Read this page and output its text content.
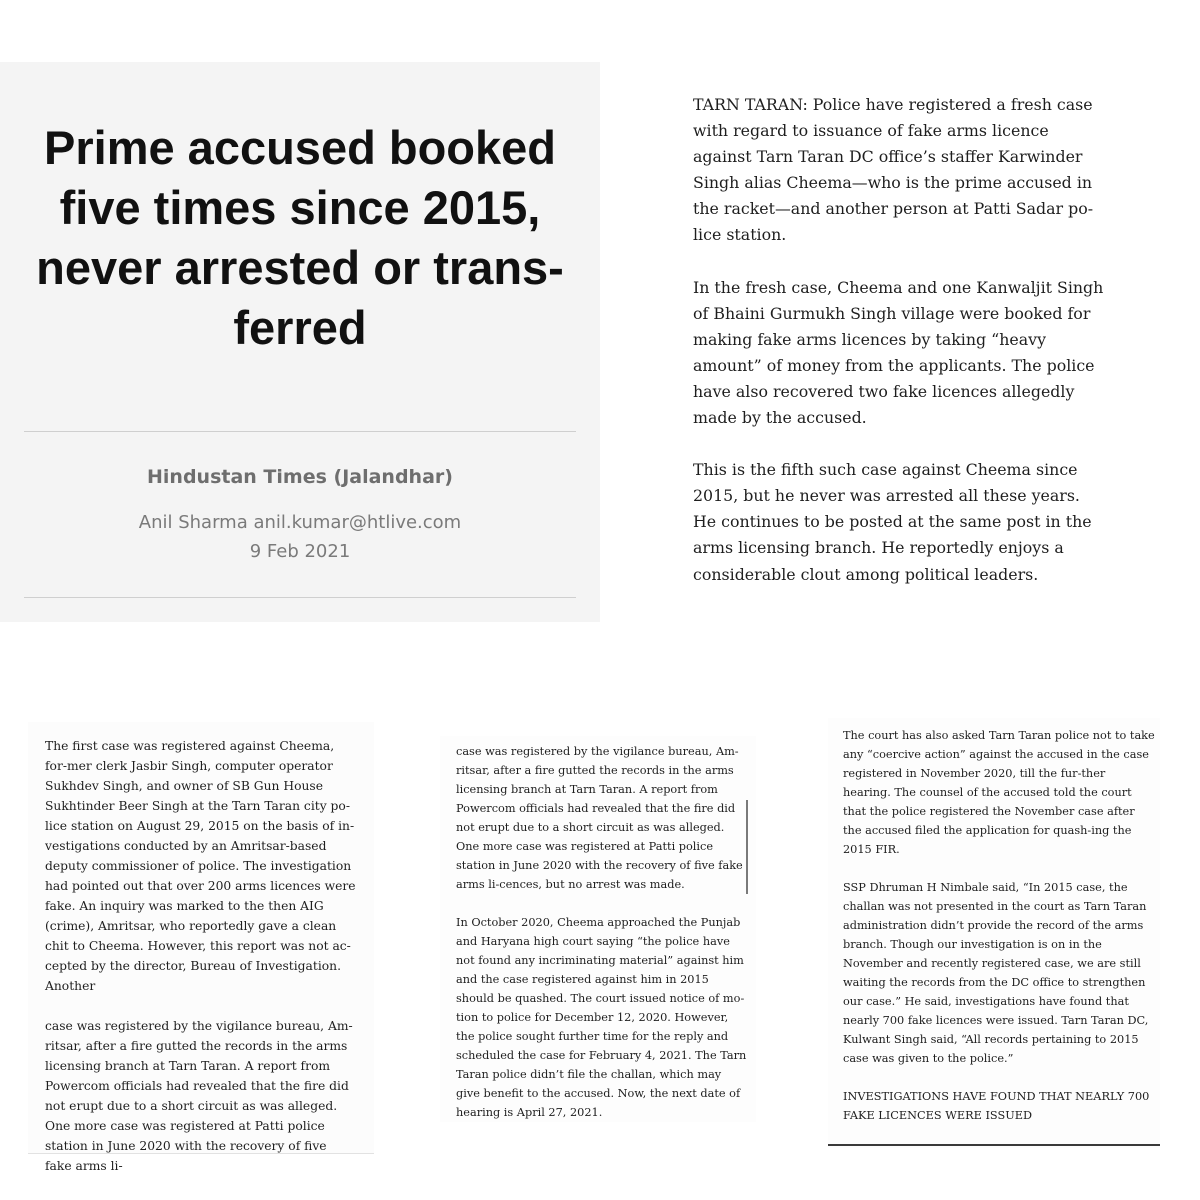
Prime accused booked five times since 2015, never arrested or trans-ferred
Hindustan Times (Jalandhar)
Anil Sharma anil.kumar@htlive.com
9 Feb 2021

TARN TARAN: Police have registered a fresh case with regard to issuance of fake arms licence against Tarn Taran DC office’s staffer Karwinder Singh alias Cheema—who is the prime accused in the racket—and another person at Patti Sadar po-lice station.

In the fresh case, Cheema and one Kanwaljit Singh of Bhaini Gurmukh Singh village were booked for making fake arms licences by taking “heavy amount” of money from the applicants. The police have also recovered two fake licences allegedly made by the accused.

This is the fifth such case against Cheema since 2015, but he never was arrested all these years. He continues to be posted at the same post in the arms licensing branch. He reportedly enjoys a considerable clout among political leaders.

The first case was registered against Cheema, for-mer clerk Jasbir Singh, computer operator Sukhdev Singh, and owner of SB Gun House Sukhtinder Beer Singh at the Tarn Taran city po-lice station on August 29, 2015 on the basis of in-vestigations conducted by an Amritsar-based deputy commissioner of police. The investigation had pointed out that over 200 arms licences were fake. An inquiry was marked to the then AIG (crime), Amritsar, who reportedly gave a clean chit to Cheema. However, this report was not ac-cepted by the director, Bureau of Investigation. Another

case was registered by the vigilance bureau, Am-ritsar, after a fire gutted the records in the arms licensing branch at Tarn Taran. A report from Powercom officials had revealed that the fire did not erupt due to a short circuit as was alleged. One more case was registered at Patti police station in June 2020 with the recovery of five fake arms li-

case was registered by the vigilance bureau, Am-ritsar, after a fire gutted the records in the arms licensing branch at Tarn Taran. A report from Powercom officials had revealed that the fire did not erupt due to a short circuit as was alleged. One more case was registered at Patti police station in June 2020 with the recovery of five fake arms li-cences, but no arrest was made.

In October 2020, Cheema approached the Punjab and Haryana high court saying “the police have not found any incriminating material” against him and the case registered against him in 2015 should be quashed. The court issued notice of mo-tion to police for December 12, 2020. However, the police sought further time for the reply and scheduled the case for February 4, 2021. The Tarn Taran police didn’t file the challan, which may give benefit to the accused. Now, the next date of hearing is April 27, 2021.

The court has also asked Tarn Taran police not to take any “coercive action” against the accused in the case registered in November 2020, till the fur-ther hearing. The counsel of the accused told the court that the police registered the November case after the accused filed the application for quash-ing the 2015 FIR.

SSP Dhruman H Nimbale said, “In 2015 case, the challan was not presented in the court as Tarn Taran administration didn’t provide the record of the arms branch. Though our investigation is on in the November and recently registered case, we are still waiting the records from the DC office to strengthen our case.” He said, investigations have found that nearly 700 fake licences were issued. Tarn Taran DC, Kulwant Singh said, “All records pertaining to 2015 case was given to the police.”

INVESTIGATIONS HAVE FOUND THAT NEARLY 700 FAKE LICENCES WERE ISSUED
